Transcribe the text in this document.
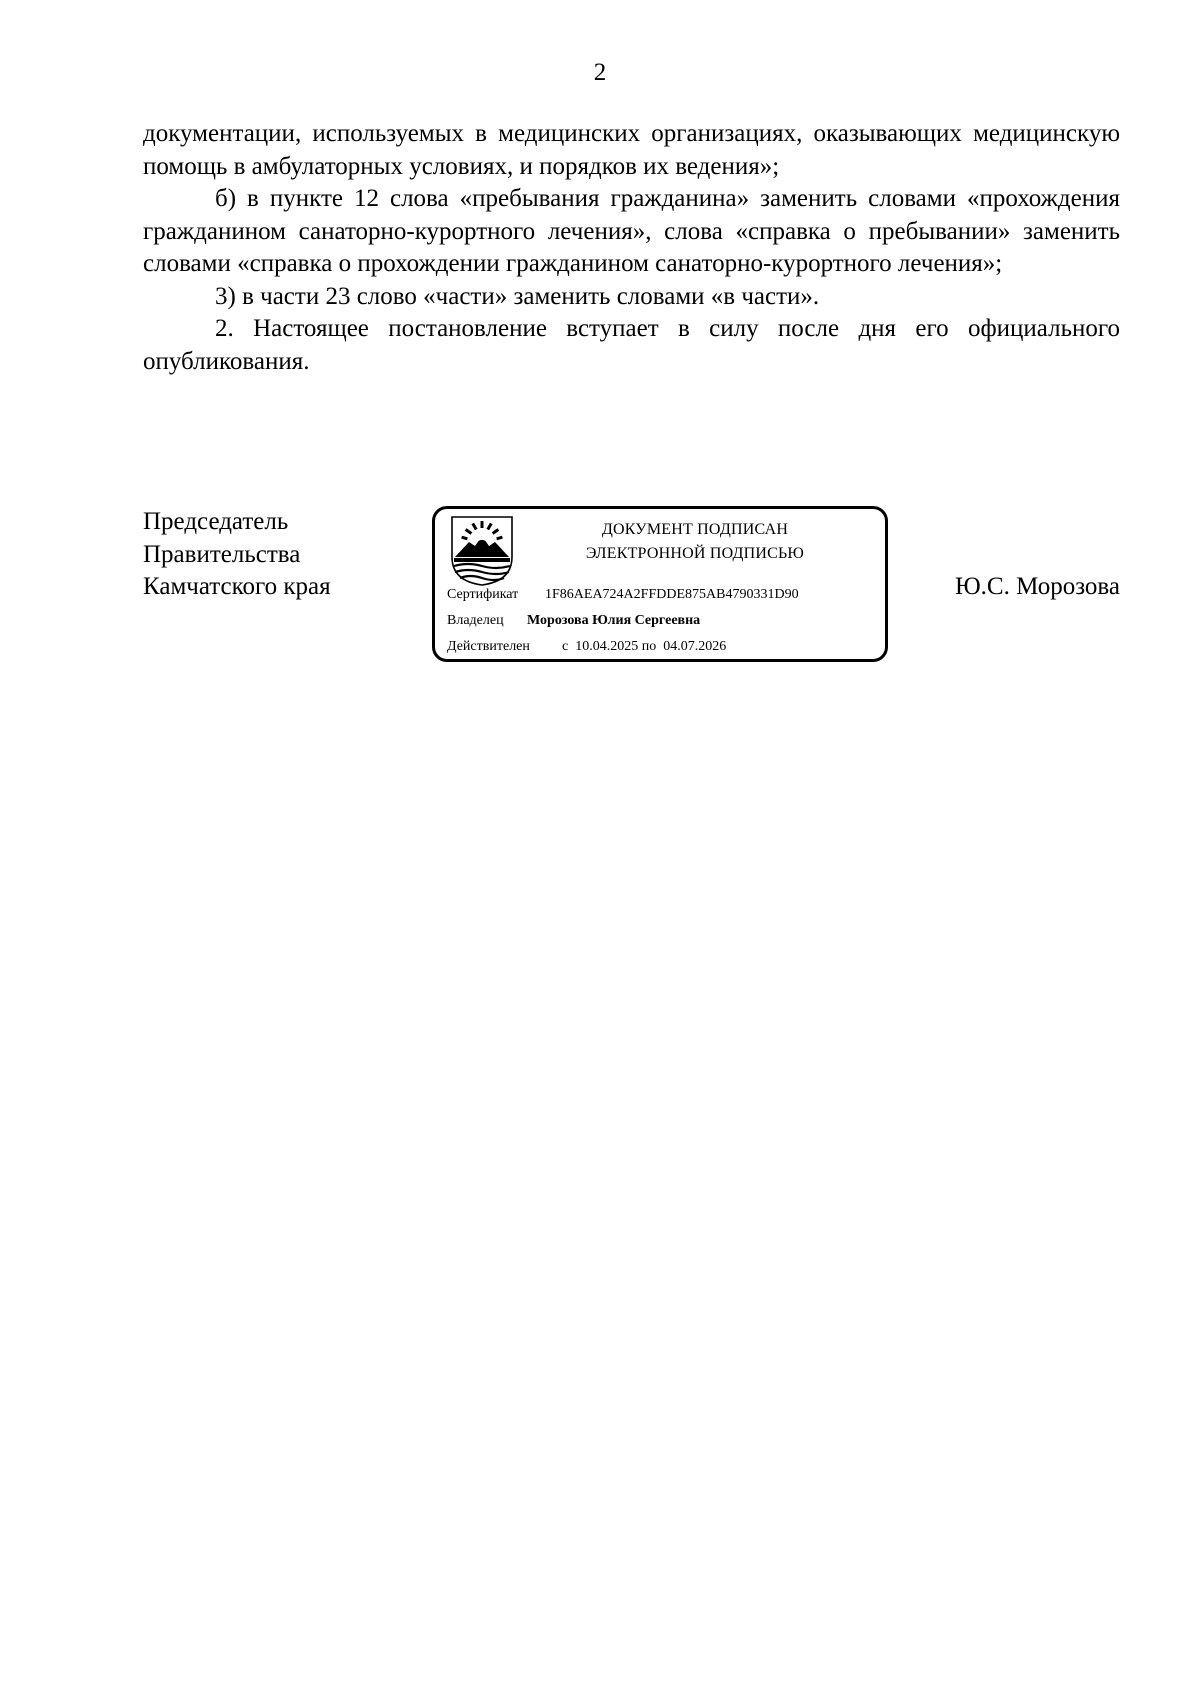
2

документации, используемых в медицинских организациях, оказывающих медицинскую помощь в амбулаторных условиях, и порядков их ведения»;

б) в пункте 12 слова «пребывания гражданина» заменить словами «прохождения гражданином санаторно-курортного лечения», слова «справка о пребывании» заменить словами «справка о прохождении гражданином санаторно-курортного лечения»;

3) в части 23 слово «части» заменить словами «в части».

2. Настоящее постановление вступает в силу после дня его официального опубликования.

Председатель
Правительства
Камчатского края
ДОКУМЕНТ ПОДПИСАН
ЭЛЕКТРОННОЙ ПОДПИСЬЮ
Сертификат 1F86AEA724A2FFDDE875AB4790331D90
Владелец Морозова Юлия Сергеевна
Действителен с  10.04.2025 по  04.07.2026
Ю.С. Морозова
